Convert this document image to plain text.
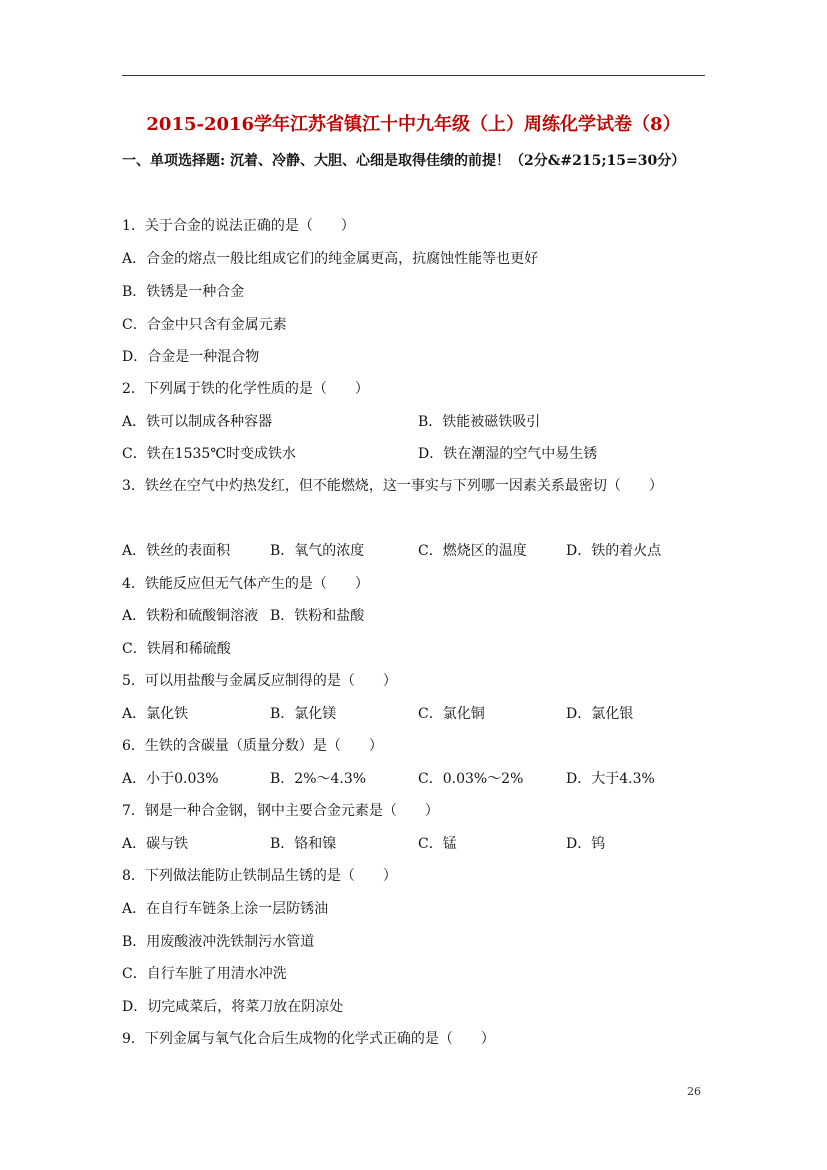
2015-2016学年江苏省镇江十中九年级（上）周练化学试卷（8）
一、单项选择题: 沉着、冷静、大胆、心细是取得佳绩的前提！（2分&#215;15=30分）
1．关于合金的说法正确的是（　　）
A．合金的熔点一般比组成它们的纯金属更高，抗腐蚀性能等也更好
B．铁锈是一种合金
C．合金中只含有金属元素
D．合金是一种混合物
2．下列属于铁的化学性质的是（　　）
A．铁可以制成各种容器	B．铁能被磁铁吸引
C．铁在1535℃时变成铁水	D．铁在潮湿的空气中易生锈
3．铁丝在空气中灼热发红，但不能燃烧，这一事实与下列哪一因素关系最密切（　　）
A．铁丝的表面积	B．氧气的浓度	C．燃烧区的温度	D．铁的着火点
4．铁能反应但无气体产生的是（　　）
A．铁粉和硫酸铜溶液 B．铁粉和盐酸
C．铁屑和稀硫酸
5．可以用盐酸与金属反应制得的是（　　）
A．氯化铁	B．氯化镁	C．氯化铜	D．氯化银
6．生铁的含碳量（质量分数）是（　　）
A．小于0.03%	B．2%～4.3%	C．0.03%～2%	D．大于4.3%
7．钢是一种合金钢，钢中主要合金元素是（　　）
A．碳与铁	B．铬和镍	C．锰	D．钨
8．下列做法能防止铁制品生锈的是（　　）
A．在自行车链条上涂一层防锈油
B．用废酸液冲洗铁制污水管道
C．自行车脏了用清水冲洗
D．切完咸菜后，将菜刀放在阴凉处
9．下列金属与氧气化合后生成物的化学式正确的是（　　）
26
